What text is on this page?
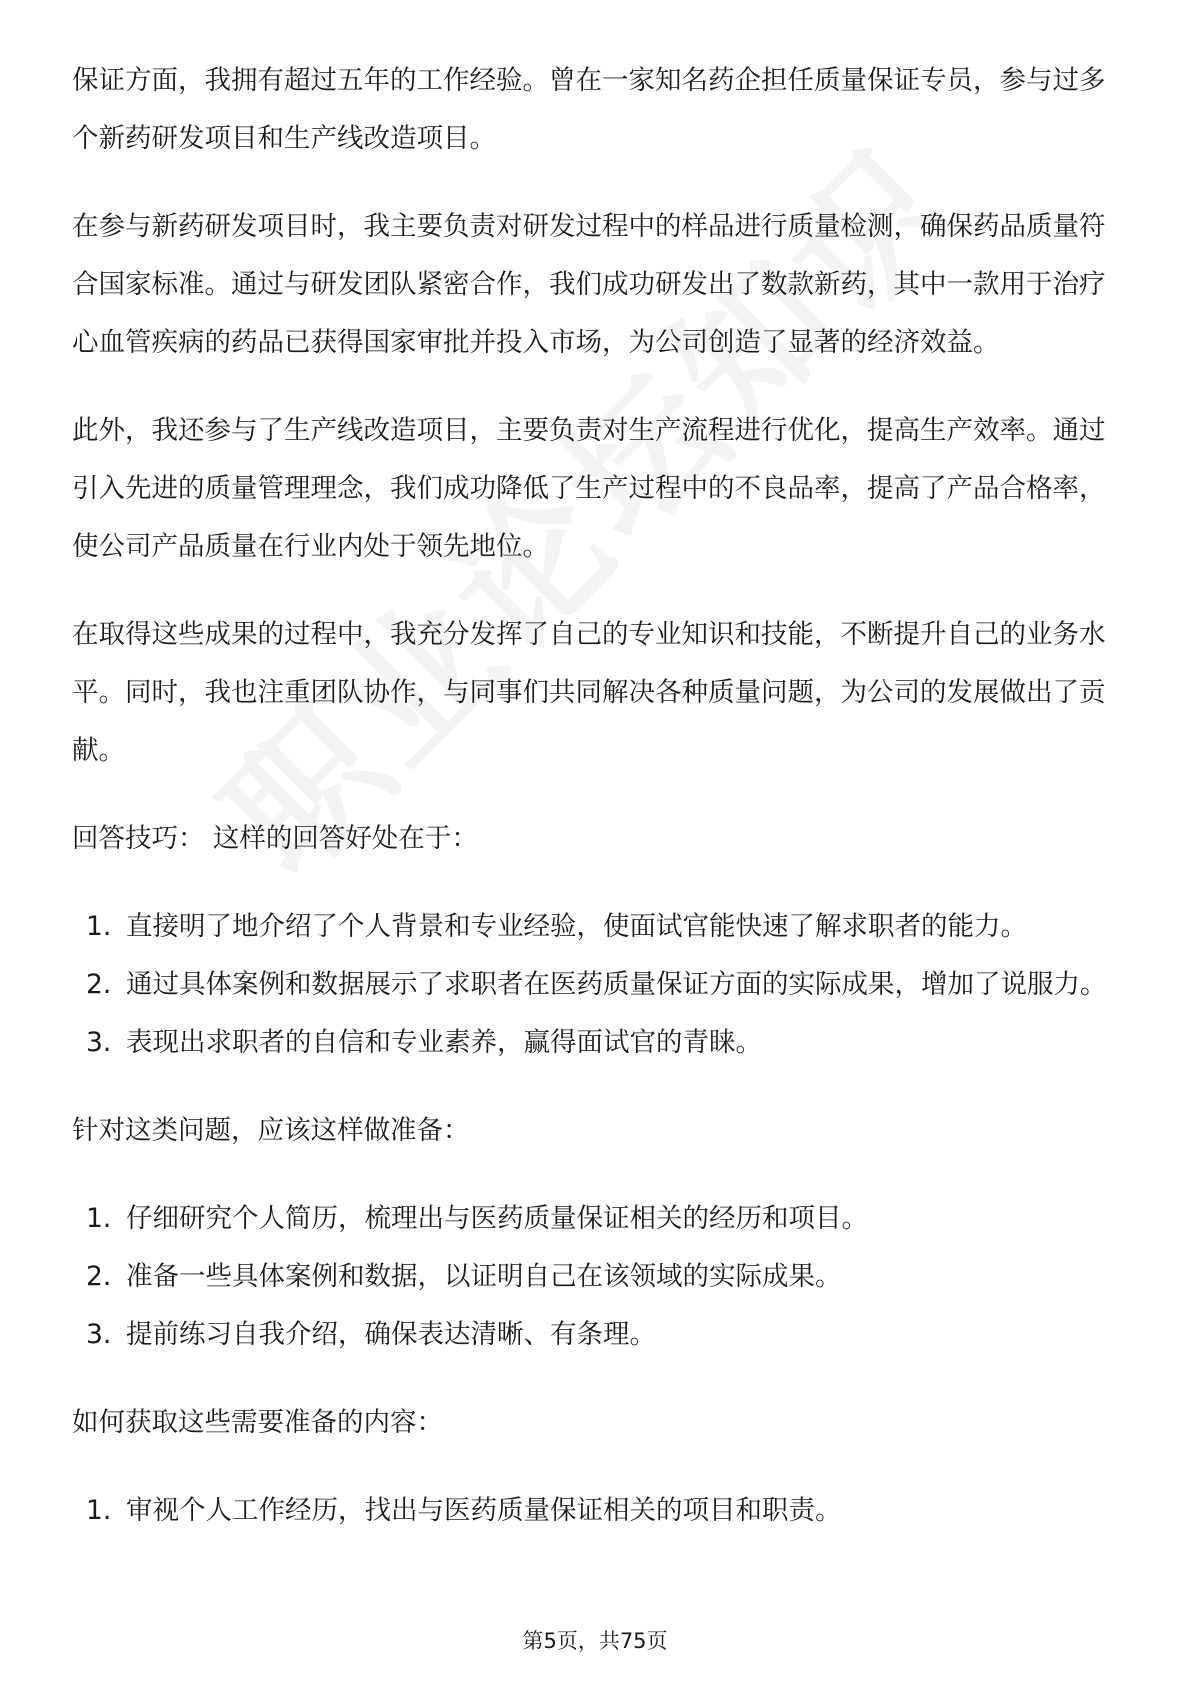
保证方面，我拥有超过五年的工作经验。曾在一家知名药企担任质量保证专员，参与过多个新药研发项目和生产线改造项目。

在参与新药研发项目时，我主要负责对研发过程中的样品进行质量检测，确保药品质量符合国家标准。通过与研发团队紧密合作，我们成功研发出了数款新药，其中一款用于治疗心血管疾病的药品已获得国家审批并投入市场，为公司创造了显著的经济效益。

此外，我还参与了生产线改造项目，主要负责对生产流程进行优化，提高生产效率。通过引入先进的质量管理理念，我们成功降低了生产过程中的不良品率，提高了产品合格率，使公司产品质量在行业内处于领先地位。

在取得这些成果的过程中，我充分发挥了自己的专业知识和技能，不断提升自己的业务水平。同时，我也注重团队协作，与同事们共同解决各种质量问题，为公司的发展做出了贡献。

回答技巧： 这样的回答好处在于：

1. 直接明了地介绍了个人背景和专业经验，使面试官能快速了解求职者的能力。
2. 通过具体案例和数据展示了求职者在医药质量保证方面的实际成果，增加了说服力。
3. 表现出求职者的自信和专业素养，赢得面试官的青睐。

针对这类问题，应该这样做准备：

1. 仔细研究个人简历，梳理出与医药质量保证相关的经历和项目。
2. 准备一些具体案例和数据，以证明自己在该领域的实际成果。
3. 提前练习自我介绍，确保表达清晰、有条理。

如何获取这些需要准备的内容：

1. 审视个人工作经历，找出与医药质量保证相关的项目和职责。
第5页，共75页
